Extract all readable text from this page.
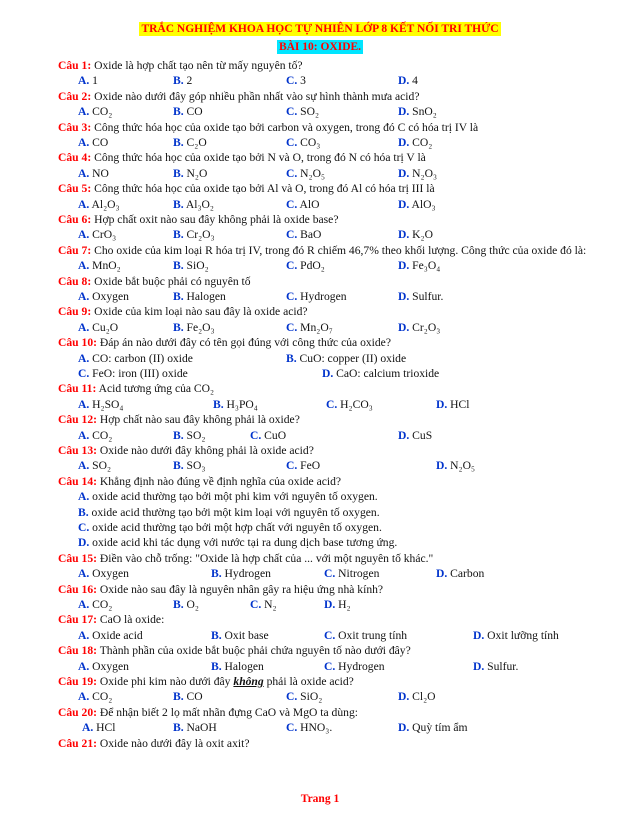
TRẮC NGHIỆM KHOA HỌC TỰ NHIÊN LỚP 8 KẾT NỐI TRI THỨC
BÀI 10: OXIDE.
Câu 1: Oxide là hợp chất tạo nên từ mấy nguyên tố?
A. 1	B. 2	C. 3	D. 4
Câu 2: Oxide nào dưới đây góp nhiều phần nhất vào sự hình thành mưa acid?
A. CO₂	B. CO	C. SO₂	D. SnO₂
Câu 3: Công thức hóa học của oxide tạo bởi carbon và oxygen, trong đó C có hóa trị IV là
A. CO	B. C₂O	C. CO₃	D. CO₂
Câu 4: Công thức hóa học của oxide tạo bởi N và O, trong đó N có hóa trị V là
A. NO	B. N₂O	C. N₂O₅	D. N₂O₃
Câu 5: Công thức hóa học của oxide tạo bởi Al và O, trong đó Al có hóa trị III là
A. Al₂O₃	B. Al₃O₂	C. AlO	D. AlO₃
Câu 6: Hợp chất oxit nào sau đây không phải là oxide base?
A. CrO₃	B. Cr₂O₃	C. BaO	D. K₂O
Câu 7: Cho oxide của kim loại R hóa trị IV, trong đó R chiếm 46,7% theo khối lượng. Công thức của oxide đó là:
A. MnO₂	B. SiO₂	C. PdO₂	D. Fe₃O₄
Câu 8: Oxide bắt buộc phải có nguyên tố
A. Oxygen	B. Halogen	C. Hydrogen	D. Sulfur.
Câu 9: Oxide của kim loại nào sau đây là oxide acid?
A. Cu₂O	B. Fe₂O₃	C. Mn₂O₇	D. Cr₂O₃
Câu 10: Đáp án nào dưới đây có tên gọi đúng với công thức của oxide?
A. CO: carbon (II) oxide	B. CuO: copper (II) oxide
C. FeO: iron (III) oxide	D. CaO: calcium trioxide
Câu 11: Acid tương ứng của CO₂
A. H₂SO₄	B. H₃PO₄	C. H₂CO₃	D. HCl
Câu 12: Hợp chất nào sau đây không phải là oxide?
A. CO₂	B. SO₂	C. CuO	D. CuS
Câu 13: Oxide nào dưới đây không phải là oxide acid?
A. SO₂	B. SO₃	C. FeO	D. N₂O₅
Câu 14: Khẳng định nào đúng về định nghĩa của oxide acid?
A. oxide acid thường tạo bởi một phi kim với nguyên tố oxygen.
B. oxide acid thường tạo bởi một kim loại với nguyên tố oxygen.
C. oxide acid thường tạo bởi một hợp chất với nguyên tố oxygen.
D. oxide acid khi tác dụng với nước tại ra dung dịch base tương ứng.
Câu 15: Điền vào chỗ trống: "Oxide là hợp chất của ... với một nguyên tố khác."
A. Oxygen	B. Hydrogen	C. Nitrogen	D. Carbon
Câu 16: Oxide nào sau đây là nguyên nhân gây ra hiệu ứng nhà kính?
A. CO₂	B. O₂	C. N₂	D. H₂
Câu 17: CaO là oxide:
A. Oxide acid	B. Oxit base	C. Oxit trung tính	D. Oxit lưỡng tính
Câu 18: Thành phần của oxide bắt buộc phải chứa nguyên tố nào dưới đây?
A. Oxygen	B. Halogen	C. Hydrogen	D. Sulfur.
Câu 19: Oxide phi kim nào dưới đây không phải là oxide acid?
A. CO₂	B. CO	C. SiO₂	D. Cl₂O
Câu 20: Để nhận biết 2 lọ mất nhãn đựng CaO và MgO ta dùng:
A. HCl	B. NaOH	C. HNO₃.	D. Quỳ tím ẩm
Câu 21: Oxide nào dưới đây là oxit axit?
Trang 1
